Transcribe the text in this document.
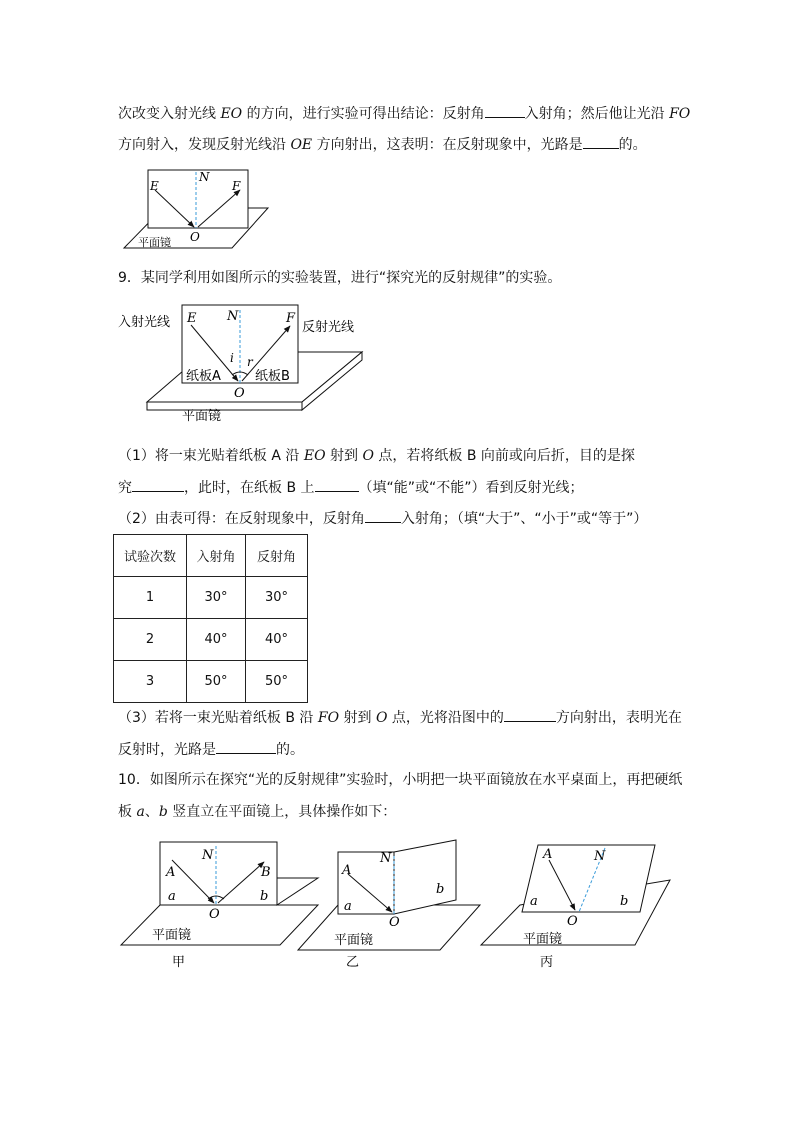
次改变入射光线 EO 的方向，进行实验可得出结论：反射角	入射角；然后他让光沿 FO
方向射入，发现反射光线沿 OE 方向射出，这表明：在反射现象中，光路是	的。
E
N
F
O
平面镜
入射光线	反射光线
E N	F
i r
纸板A	纸板B
O
平面镜
N
A	B
a	b
O
平面镜
甲
N
A
a
b
O
平面镜
乙
A	N
a	b
O
平面镜
丙
9．某同学利用如图所示的实验装置，进行“探究光的反射规律”的实验。
（1）将一束光贴着纸板 A 沿 EO 射到 O 点，若将纸板 B 向前或向后折，目的是探
究	，此时，在纸板 B 上	（填“能”或“不能”）看到反射光线；
（2）由表可得：在反射现象中，反射角	入射角；（填“大于”、“小于”或“等于”）
试验次数	入射角	反射角
1	30°	30°
2	40°	40°
3	50°	50°
（3）若将一束光贴着纸板 B 沿 FO 射到 O 点，光将沿图中的	方向射出，表明光在
反射时，光路是	的。
10．如图所示在探究“光的反射规律”实验时，小明把一块平面镜放在水平桌面上，再把硬纸
板 a、b 竖直立在平面镜上，具体操作如下：
